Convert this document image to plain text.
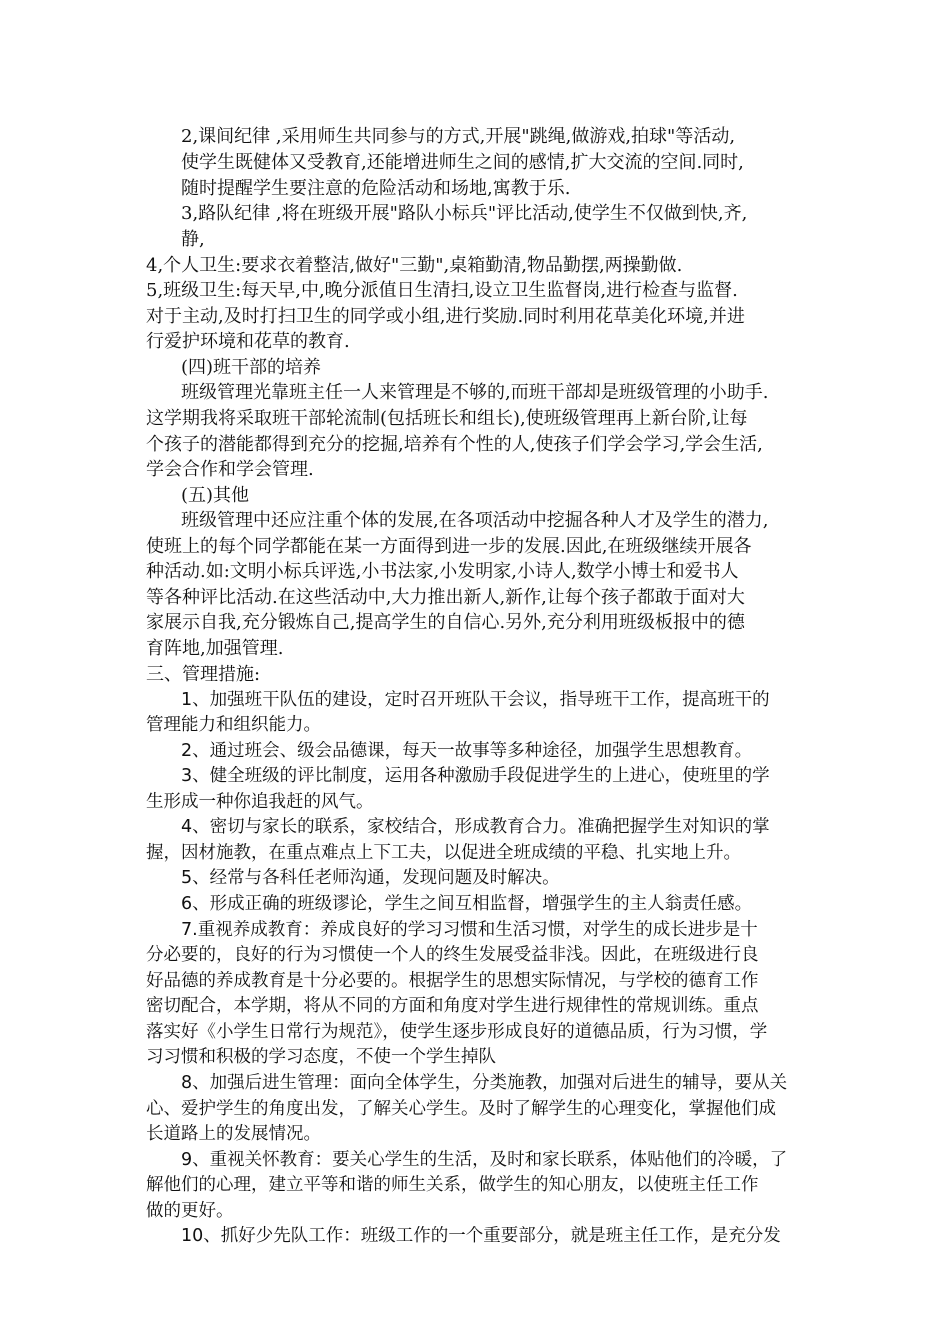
2,课间纪律 ,采用师生共同参与的方式,开展"跳绳,做游戏,拍球"等活动,
使学生既健体又受教育,还能增进师生之间的感情,扩大交流的空间.同时,
随时提醒学生要注意的危险活动和场地,寓教于乐.
3,路队纪律 ,将在班级开展"路队小标兵"评比活动,使学生不仅做到快,齐,
静,
4,个人卫生:要求衣着整洁,做好"三勤",桌箱勤清,物品勤摆,两操勤做.
5,班级卫生:每天早,中,晚分派值日生清扫,设立卫生监督岗,进行检查与监督.
对于主动,及时打扫卫生的同学或小组,进行奖励.同时利用花草美化环境,并进
行爱护环境和花草的教育.
(四)班干部的培养
班级管理光靠班主任一人来管理是不够的,而班干部却是班级管理的小助手.
这学期我将采取班干部轮流制(包括班长和组长),使班级管理再上新台阶,让每
个孩子的潜能都得到充分的挖掘,培养有个性的人,使孩子们学会学习,学会生活,
学会合作和学会管理.
(五)其他
班级管理中还应注重个体的发展,在各项活动中挖掘各种人才及学生的潜力,
使班上的每个同学都能在某一方面得到进一步的发展.因此,在班级继续开展各
种活动.如:文明小标兵评选,小书法家,小发明家,小诗人,数学小博士和爱书人
等各种评比活动.在这些活动中,大力推出新人,新作,让每个孩子都敢于面对大
家展示自我,充分锻炼自己,提高学生的自信心.另外,充分利用班级板报中的德
育阵地,加强管理.
三、管理措施:
1、加强班干队伍的建设，定时召开班队干会议，指导班干工作，提高班干的
管理能力和组织能力。
2、通过班会、级会品德课，每天一故事等多种途径，加强学生思想教育。
3、健全班级的评比制度，运用各种激励手段促进学生的上进心，使班里的学
生形成一种你追我赶的风气。
4、密切与家长的联系，家校结合，形成教育合力。准确把握学生对知识的掌
握，因材施教，在重点难点上下工夫，以促进全班成绩的平稳、扎实地上升。
5、经常与各科任老师沟通，发现问题及时解决。
6、形成正确的班级谬论，学生之间互相监督，增强学生的主人翁责任感。
7.重视养成教育：养成良好的学习习惯和生活习惯，对学生的成长进步是十
分必要的，良好的行为习惯使一个人的终生发展受益非浅。因此，在班级进行良
好品德的养成教育是十分必要的。根据学生的思想实际情况，与学校的德育工作
密切配合，本学期，将从不同的方面和角度对学生进行规律性的常规训练。重点
落实好《小学生日常行为规范》，使学生逐步形成良好的道德品质，行为习惯，学
习习惯和积极的学习态度，不使一个学生掉队
8、加强后进生管理：面向全体学生，分类施教，加强对后进生的辅导，要从关
心、爱护学生的角度出发，了解关心学生。及时了解学生的心理变化，掌握他们成
长道路上的发展情况。
9、重视关怀教育：要关心学生的生活，及时和家长联系，体贴他们的冷暖，了
解他们的心理，建立平等和谐的师生关系，做学生的知心朋友，以使班主任工作
做的更好。
10、抓好少先队工作：班级工作的一个重要部分，就是班主任工作，是充分发
